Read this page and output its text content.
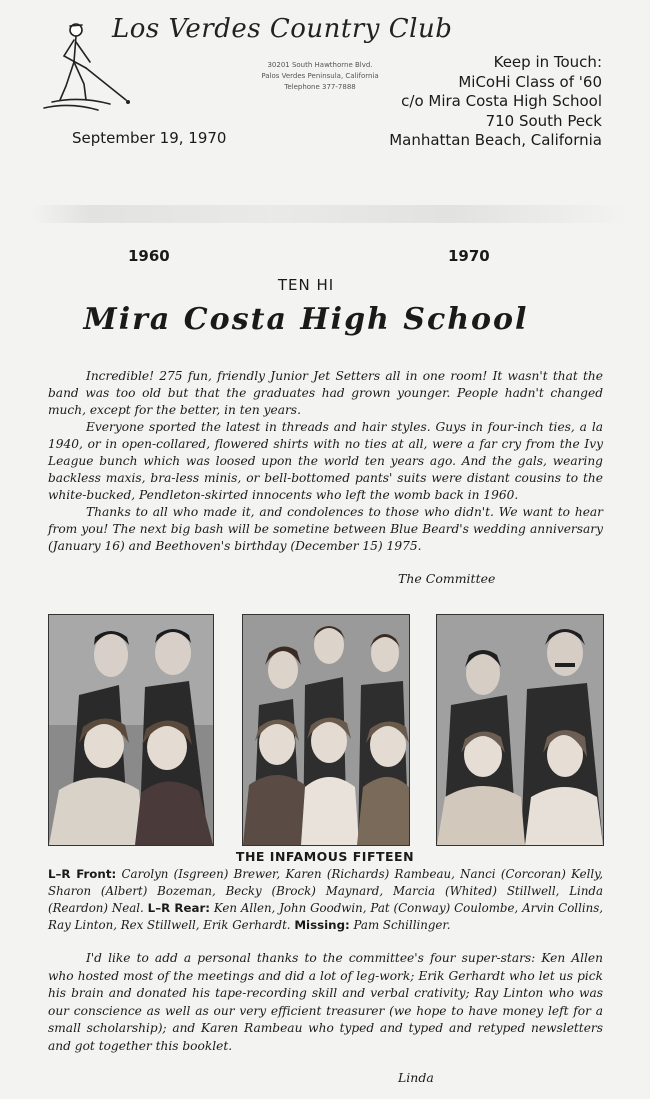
Los Verdes Country Club
30201 South Hawthorne Blvd.
Palos Verdes Peninsula, California
Telephone 377-7888
September 19, 1970
Keep in Touch:
MiCoHi Class of '60
c/o Mira Costa High School
710 South Peck
Manhattan Beach, California
1960	1970
TEN HI
Mira Costa High School

Incredible! 275 fun, friendly Junior Jet Setters all in one room! It wasn't that the band was too old but that the graduates had grown younger. People hadn't changed much, except for the better, in ten years.

Everyone sported the latest in threads and hair styles. Guys in four-inch ties, a la 1940, or in open-collared, flowered shirts with no ties at all, were a far cry from the Ivy League bunch which was loosed upon the world ten years ago. And the gals, wearing backless maxis, bra-less minis, or bell-bottomed pants' suits were distant cousins to the white-bucked, Pendleton-skirted innocents who left the womb back in 1960.

Thanks to all who made it, and condolences to those who didn't. We want to hear from you! The next big bash will be sometine between Blue Beard's wedding anniversary (January 16) and Beethoven's birthday (December 15) 1975.

The Committee
THE INFAMOUS FIFTEEN
L–R Front: Carolyn (Isgreen) Brewer, Karen (Richards) Rambeau, Nanci (Corcoran) Kelly, Sharon (Albert) Bozeman, Becky (Brock) Maynard, Marcia (Whited) Stillwell, Linda (Reardon) Neal. L–R Rear: Ken Allen, John Goodwin, Pat (Conway) Coulombe, Arvin Collins, Ray Linton, Rex Stillwell, Erik Gerhardt. Missing: Pam Schillinger.
I'd like to add a personal thanks to the committee's four super-stars: Ken Allen who hosted most of the meetings and did a lot of leg-work; Erik Gerhardt who let us pick his brain and donated his tape-recording skill and verbal crativity; Ray Linton who was our conscience as well as our very efficient treasurer (we hope to have money left for a small scholarship); and Karen Rambeau who typed and typed and retyped newsletters and got together this booklet.
Linda
